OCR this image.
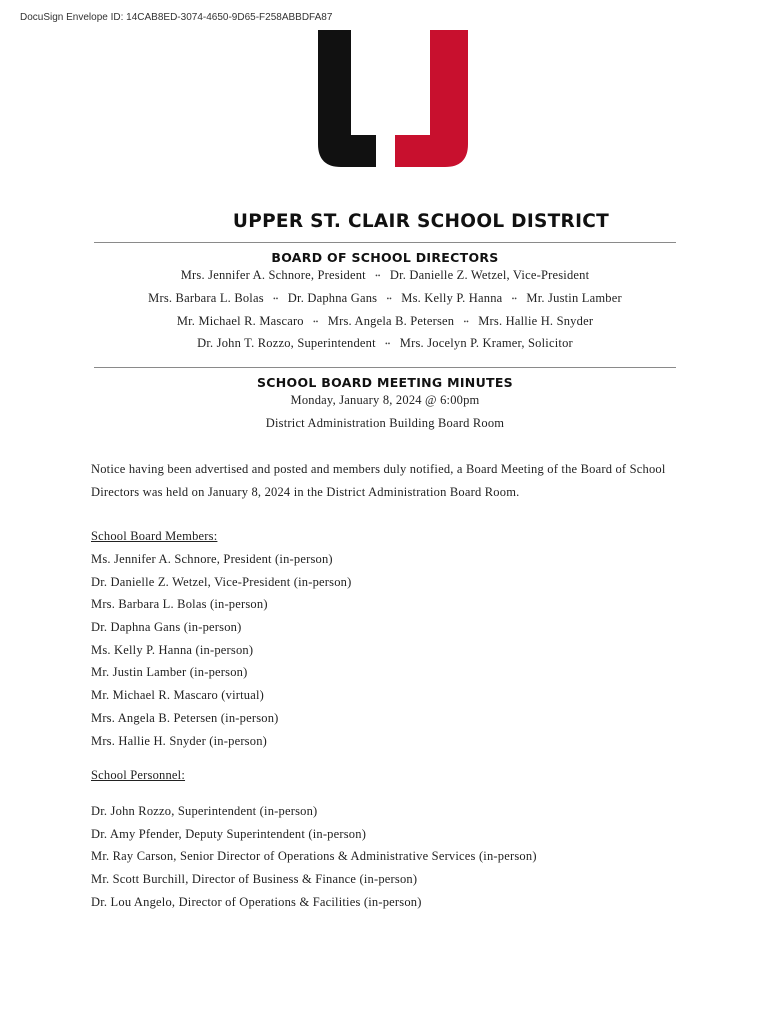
DocuSign Envelope ID: 14CAB8ED-3074-4650-9D65-F258ABBDFA87
UPPER ST. CLAIR SCHOOL DISTRICT
BOARD OF SCHOOL DIRECTORS
Mrs. Jennifer A. Schnore, President •• Dr. Danielle Z. Wetzel, Vice-President
Mrs. Barbara L. Bolas •• Dr. Daphna Gans •• Ms. Kelly P. Hanna •• Mr. Justin Lamber
Mr. Michael R. Mascaro •• Mrs. Angela B. Petersen •• Mrs. Hallie H. Snyder
Dr. John T. Rozzo, Superintendent •• Mrs. Jocelyn P. Kramer, Solicitor
SCHOOL BOARD MEETING MINUTES
Monday, January 8, 2024 @ 6:00pm
District Administration Building Board Room

Notice having been advertised and posted and members duly notified, a Board Meeting of the Board of School Directors was held on January 8, 2024 in the District Administration Board Room.

School Board Members:
Ms. Jennifer A. Schnore, President (in-person)
Dr. Danielle Z. Wetzel, Vice-President (in-person)
Mrs. Barbara L. Bolas (in-person)
Dr. Daphna Gans (in-person)
Ms. Kelly P. Hanna (in-person)
Mr. Justin Lamber (in-person)
Mr. Michael R. Mascaro (virtual)
Mrs. Angela B. Petersen (in-person)
Mrs. Hallie H. Snyder (in-person)
School Personnel:
Dr. John Rozzo, Superintendent (in-person)
Dr. Amy Pfender, Deputy Superintendent (in-person)
Mr. Ray Carson, Senior Director of Operations & Administrative Services (in-person)
Mr. Scott Burchill, Director of Business & Finance (in-person)
Dr. Lou Angelo, Director of Operations & Facilities (in-person)
